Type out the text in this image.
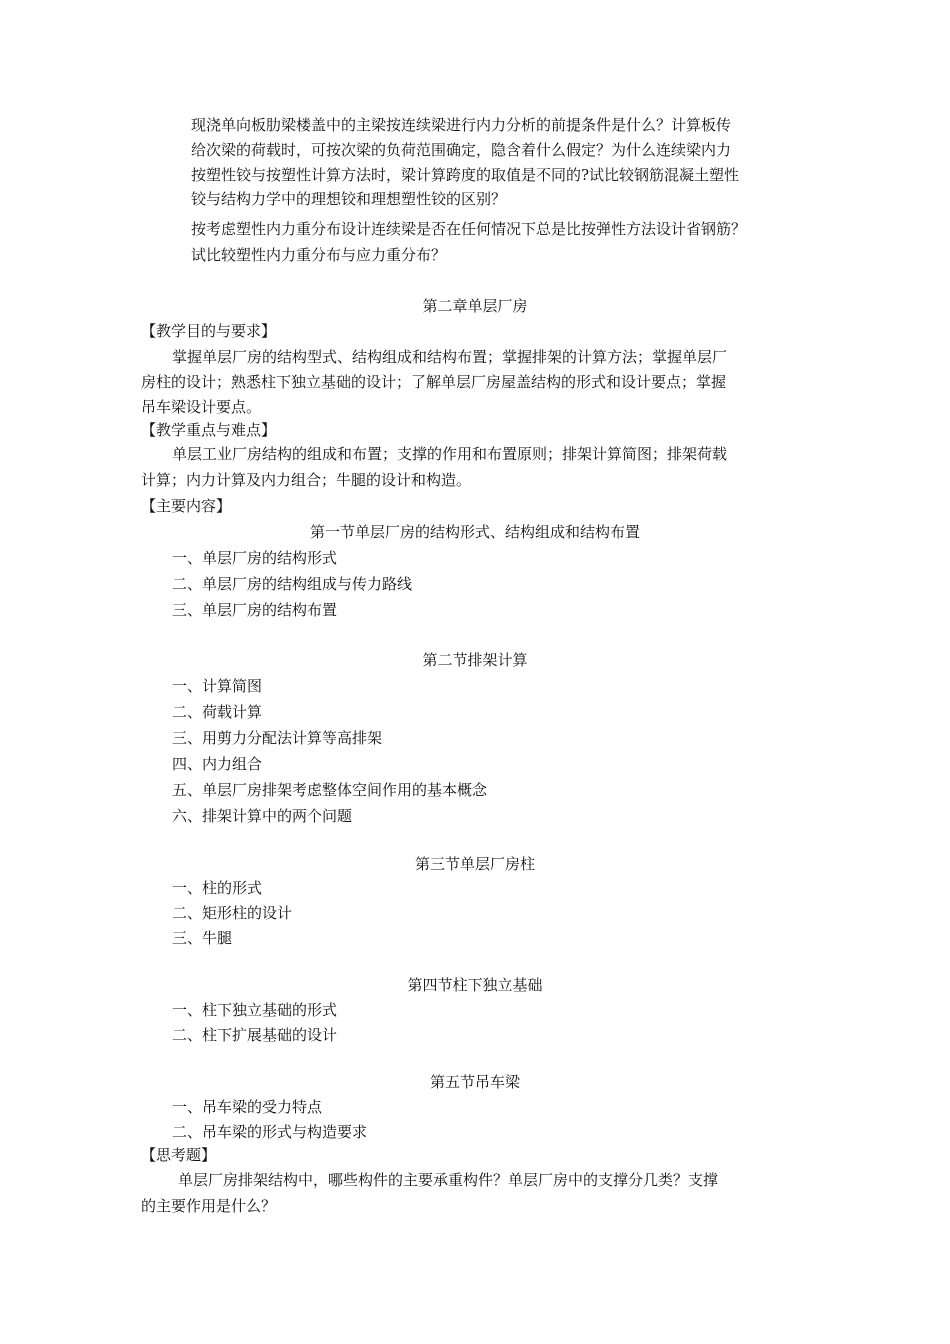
现浇单向板肋梁楼盖中的主梁按连续梁进行内力分析的前提条件是什么？计算板传
给次梁的荷载时，可按次梁的负荷范围确定，隐含着什么假定？为什么连续梁内力
按塑性铰与按塑性计算方法时，梁计算跨度的取值是不同的?试比较钢筋混凝土塑性
铰与结构力学中的理想铰和理想塑性铰的区别？
按考虑塑性内力重分布设计连续梁是否在任何情况下总是比按弹性方法设计省钢筋？
试比较塑性内力重分布与应力重分布？
第二章单层厂房
【教学目的与要求】
掌握单层厂房的结构型式、结构组成和结构布置；掌握排架的计算方法；掌握单层厂
房柱的设计；熟悉柱下独立基础的设计；了解单层厂房屋盖结构的形式和设计要点；掌握
吊车梁设计要点。
【教学重点与难点】
单层工业厂房结构的组成和布置；支撑的作用和布置原则；排架计算简图；排架荷载
计算；内力计算及内力组合；牛腿的设计和构造。
【主要内容】
第一节单层厂房的结构形式、结构组成和结构布置
一、单层厂房的结构形式
二、单层厂房的结构组成与传力路线
三、单层厂房的结构布置
第二节排架计算
一、计算简图
二、荷载计算
三、用剪力分配法计算等高排架
四、内力组合
五、单层厂房排架考虑整体空间作用的基本概念
六、排架计算中的两个问题
第三节单层厂房柱
一、柱的形式
二、矩形柱的设计
三、牛腿
第四节柱下独立基础
一、柱下独立基础的形式
二、柱下扩展基础的设计
第五节吊车梁
一、吊车梁的受力特点
二、吊车梁的形式与构造要求
【思考题】
单层厂房排架结构中，哪些构件的主要承重构件？单层厂房中的支撑分几类？支撑
的主要作用是什么？
